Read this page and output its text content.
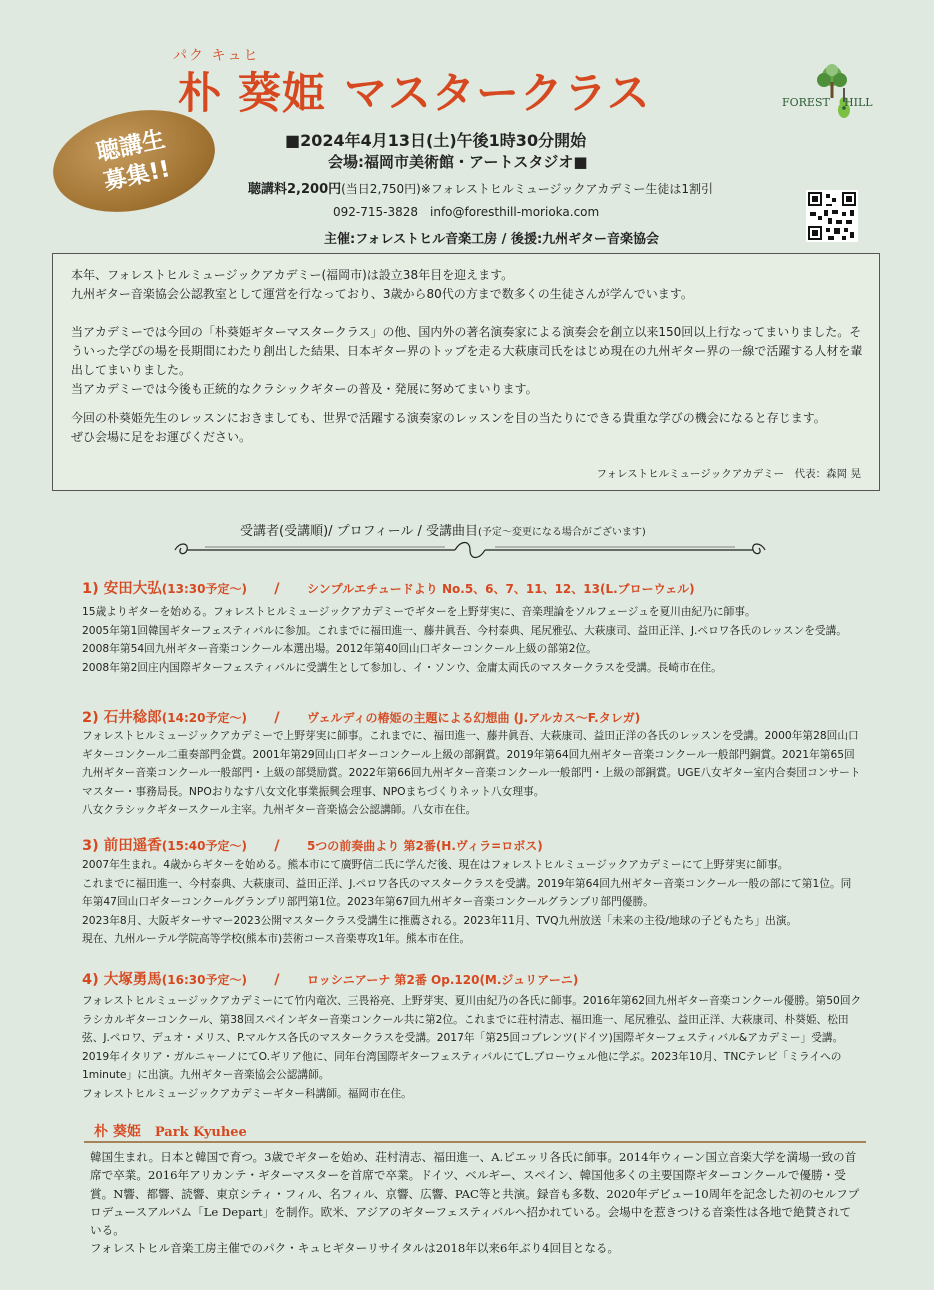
パク キュヒ
朴 葵姫 マスタークラス	FOREST HILL
聴講生
募集!!
■2024年4月13日(土)午後1時30分開始
会場:福岡市美術館・アートスタジオ■
聴講料2,200円(当日2,750円)※フォレストヒルミュージックアカデミー生徒は1割引
092-715-3828　info@foresthill-morioka.com
主催:フォレストヒル音楽工房 / 後援:九州ギター音楽協会
本年、フォレストヒルミュージックアカデミー(福岡市)は設立38年目を迎えます。
九州ギター音楽協会公認教室として運営を行なっており、3歳から80代の方まで数多くの生徒さんが学んでいます。
当アカデミーでは今回の「朴葵姫ギターマスタークラス」の他、国内外の著名演奏家による演奏会を創立以来150回以上行なってまいりました。そういった学びの場を長期間にわたり創出した結果、日本ギター界のトップを走る大萩康司氏をはじめ現在の九州ギター界の一線で活躍する人材を輩出してまいりました。
当アカデミーでは今後も正統的なクラシックギターの普及・発展に努めてまいります。
今回の朴葵姫先生のレッスンにおきましても、世界で活躍する演奏家のレッスンを目の当たりにできる貴重な学びの機会になると存じます。
ぜひ会場に足をお運びください。
フォレストヒルミュージックアカデミー　代表：森岡 晃
受講者(受講順)/ プロフィール / 受講曲目(予定〜変更になる場合がございます)
1) 安田大弘(13:30予定〜) / シンプルエチュードより No.5、6、7、11、12、13(L.ブローウェル)
15歳よりギターを始める。フォレストヒルミュージックアカデミーでギターを上野芽実に、音楽理論をソルフェージュを夏川由紀乃に師事。
2005年第1回韓国ギターフェスティバルに参加。これまでに福田進一、藤井眞吾、今村泰典、尾尻雅弘、大萩康司、益田正洋、J.ペロワ各氏のレッスンを受講。2008年第54回九州ギター音楽コンクール本選出場。2012年第40回山口ギターコンクール上級の部第2位。
2008年第2回庄内国際ギターフェスティバルに受講生として参加し、イ・ソンウ、金庸太両氏のマスタークラスを受講。長崎市在住。
2) 石井稔郎(14:20予定〜) / ヴェルディの椿姫の主題による幻想曲 (J.アルカス〜F.タレガ)
フォレストヒルミュージックアカデミーで上野芽実に師事。これまでに、福田進一、藤井眞吾、大萩康司、益田正洋の各氏のレッスンを受講。2000年第28回山口ギターコンクール二重奏部門金賞。2001年第29回山口ギターコンクール上級の部銅賞。2019年第64回九州ギター音楽コンクール一般部門銅賞。2021年第65回九州ギター音楽コンクール一般部門・上級の部奨励賞。2022年第66回九州ギター音楽コンクール一般部門・上級の部銅賞。UGE八女ギター室内合奏団コンサートマスター・事務局長。NPOおりなす八女文化事業振興会理事、NPOまちづくりネット八女理事。
八女クラシックギタースクール主宰。九州ギター音楽協会公認講師。八女市在住。
3) 前田遥香(15:40予定〜) / 5つの前奏曲より 第2番(H.ヴィラ=ロボス)
2007年生まれ。4歳からギターを始める。熊本市にて廣野信二氏に学んだ後、現在はフォレストヒルミュージックアカデミーにて上野芽実に師事。
これまでに福田進一、今村泰典、大萩康司、益田正洋、J.ペロワ各氏のマスタークラスを受講。2019年第64回九州ギター音楽コンクール一般の部にて第1位。同年第47回山口ギターコンクールグランプリ部門第1位。2023年第67回九州ギター音楽コンクールグランプリ部門優勝。
2023年8月、大阪ギターサマー2023公開マスタークラス受講生に推薦される。2023年11月、TVQ九州放送「未来の主役/地球の子どもたち」出演。
現在、九州ルーテル学院高等学校(熊本市)芸術コース音楽専攻1年。熊本市在住。
4) 大塚勇馬(16:30予定〜) / ロッシニアーナ 第2番 Op.120(M.ジュリアーニ)
フォレストヒルミュージックアカデミーにて竹内竜次、三畏裕亮、上野芽実、夏川由紀乃の各氏に師事。2016年第62回九州ギター音楽コンクール優勝。第50回クラシカルギターコンクール、第38回スペインギター音楽コンクール共に第2位。これまでに荘村清志、福田進一、尾尻雅弘、益田正洋、大萩康司、朴葵姫、松田弦、J.ペロワ、デュオ・メリス、P.マルケス各氏のマスタークラスを受講。2017年「第25回コブレンツ(ドイツ)国際ギターフェスティバル&アカデミー」受講。2019年イタリア・ガルニャーノにてO.ギリア他に、同年台湾国際ギターフェスティバルにてL.ブローウェル他に学ぶ。2023年10月、TNCテレビ「ミライへの1minute」に出演。九州ギター音楽協会公認講師。
フォレストヒルミュージックアカデミーギター科講師。福岡市在住。
朴 葵姫 Park Kyuhee
韓国生まれ。日本と韓国で育つ。3歳でギターを始め、荘村清志、福田進一、A.ピエッリ各氏に師事。2014年ウィーン国立音楽大学を満場一致の首席で卒業。2016年アリカンテ・ギターマスターを首席で卒業。ドイツ、ベルギー、スペイン、韓国他多くの主要国際ギターコンクールで優勝・受賞。N響、都響、読響、東京シティ・フィル、名フィル、京響、広響、PAC等と共演。録音も多数、2020年デビュー10周年を記念した初のセルフプロデュースアルバム「Le Depart」を制作。欧米、アジアのギターフェスティバルへ招かれている。会場中を惹きつける音楽性は各地で絶賛されている。
フォレストヒル音楽工房主催でのパク・キュヒギターリサイタルは2018年以来6年ぶり4回目となる。
